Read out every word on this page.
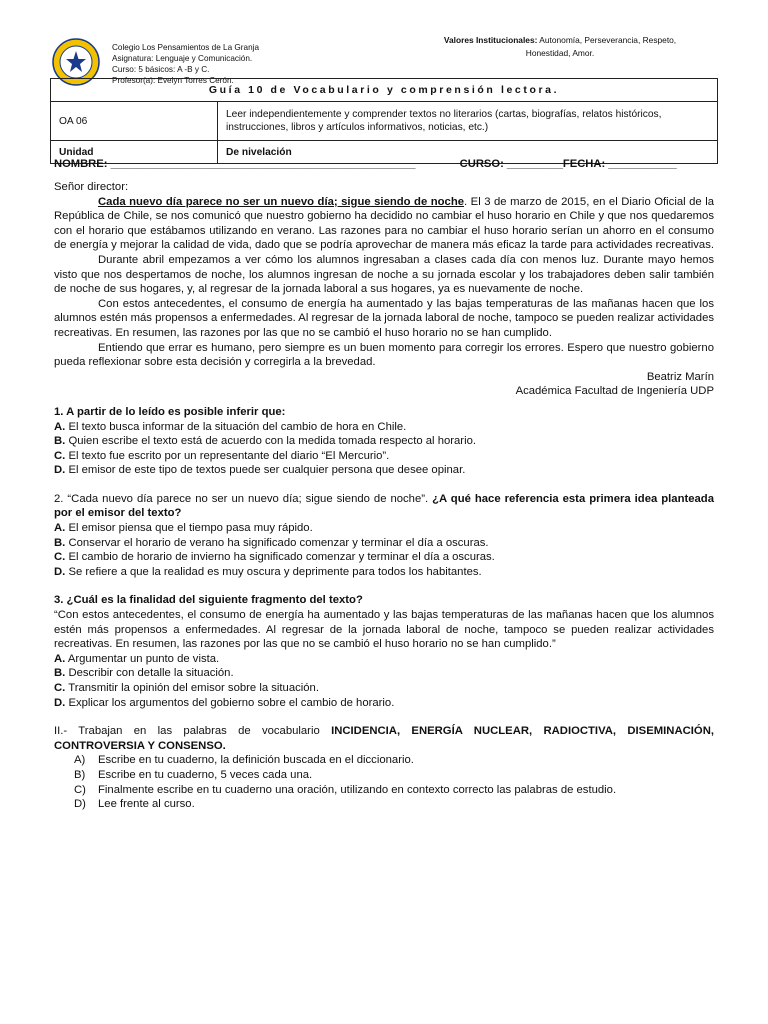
Colegio Los Pensamientos de La Granja
Asignatura: Lenguaje y Comunicación.
Curso: 5 básicos: A -B y C.
Profesor(a): Evelyn Torres Cerón.
Valores Institucionales: Autonomía, Perseverancia, Respeto,
Honestidad, Amor.
Guía 10 de Vocabulario y comprensión lectora.	
OA 06	Leer independientemente y comprender textos no literarios (cartas, biografías, relatos históricos, instrucciones, libros y artículos informativos, noticias, etc.)
Unidad	De nivelación
NOMBRE: _________________________________________________	CURSO: _________FECHA: ___________

Señor director:

Cada nuevo día parece no ser un nuevo día; sigue siendo de noche. El 3 de marzo de 2015, en el Diario Oficial de la República de Chile, se nos comunicó que nuestro gobierno ha decidido no cambiar el huso horario en Chile y que nos quedaremos con el horario que estábamos utilizando en verano. Las razones para no cambiar el huso horario serían un ahorro en el consumo de energía y mejorar la calidad de vida, dado que se podría aprovechar de manera más eficaz la tarde para actividades recreativas.

Durante abril empezamos a ver cómo los alumnos ingresaban a clases cada día con menos luz. Durante mayo hemos visto que nos despertamos de noche, los alumnos ingresan de noche a su jornada escolar y los trabajadores deben salir también de noche de sus hogares, y, al regresar de la jornada laboral a sus hogares, ya es nuevamente de noche.

Con estos antecedentes, el consumo de energía ha aumentado y las bajas temperaturas de las mañanas hacen que los alumnos estén más propensos a enfermedades. Al regresar de la jornada laboral de noche, tampoco se pueden realizar actividades recreativas. En resumen, las razones por las que no se cambió el huso horario no se han cumplido.

Entiendo que errar es humano, pero siempre es un buen momento para corregir los errores. Espero que nuestro gobierno pueda reflexionar sobre esta decisión y corregirla a la brevedad.

Beatriz Marín

Académica Facultad de Ingeniería UDP

1. A partir de lo leído es posible inferir que:

A. El texto busca informar de la situación del cambio de hora en Chile.

B. Quien escribe el texto está de acuerdo con la medida tomada respecto al horario.

C. El texto fue escrito por un representante del diario “El Mercurio”.

D. El emisor de este tipo de textos puede ser cualquier persona que desee opinar.

2. “Cada nuevo día parece no ser un nuevo día; sigue siendo de noche”. ¿A qué hace referencia esta primera idea planteada por el emisor del texto?

A. El emisor piensa que el tiempo pasa muy rápido.

B. Conservar el horario de verano ha significado comenzar y terminar el día a oscuras.

C. El cambio de horario de invierno ha significado comenzar y terminar el día a oscuras.

D. Se refiere a que la realidad es muy oscura y deprimente para todos los habitantes.

3. ¿Cuál es la finalidad del siguiente fragmento del texto?

“Con estos antecedentes, el consumo de energía ha aumentado y las bajas temperaturas de las mañanas hacen que los alumnos estén más propensos a enfermedades. Al regresar de la jornada laboral de noche, tampoco se pueden realizar actividades recreativas. En resumen, las razones por las que no se cambió el huso horario no se han cumplido.”

A. Argumentar un punto de vista.

B. Describir con detalle la situación.

C. Transmitir la opinión del emisor sobre la situación.

D. Explicar los argumentos del gobierno sobre el cambio de horario.

II.- Trabajan en las palabras de vocabulario INCIDENCIA, ENERGÍA NUCLEAR, RADIOCTIVA, DISEMINACIÓN, CONTROVERSIA Y CONSENSO.

A)	Escribe en tu cuaderno, la definición buscada en el diccionario.
B)	Escribe en tu cuaderno, 5 veces cada una.
C)	Finalmente escribe en tu cuaderno una oración, utilizando en contexto correcto las palabras de estudio.
D)	Lee frente al curso.
